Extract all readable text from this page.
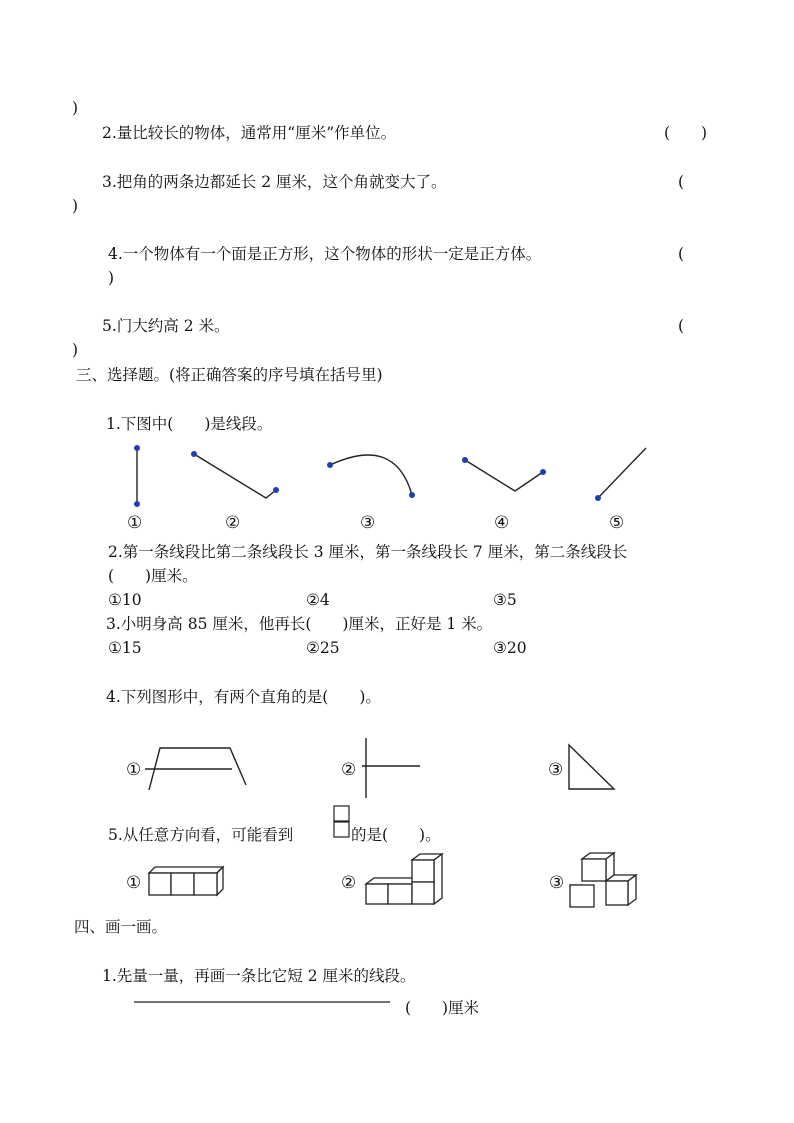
)
2.量比较长的物体，通常用“厘米”作单位。	(　　)
3.把角的两条边都延长 2 厘米，这个角就变大了。	(
)
4.一个物体有一个面是正方形，这个物体的形状一定是正方体。	(
)
5.门大约高 2 米。	(
)
三、选择题。(将正确答案的序号填在括号里)
1.下图中(　　)是线段。
①	②	③	④	⑤
2.第一条线段比第二条线段长 3 厘米，第一条线段长 7 厘米，第二条线段长
(　　)厘米。
①10	②4	③5
3.小明身高 85 厘米，他再长(　　)厘米，正好是 1 米。
①15	②25	③20
4.下列图形中，有两个直角的是(　　)。
①	②	③
5.从任意方向看，可能看到	的是(　　)。
①	②	③
四、画一画。
1.先量一量，再画一条比它短 2 厘米的线段。
(　　)厘米
